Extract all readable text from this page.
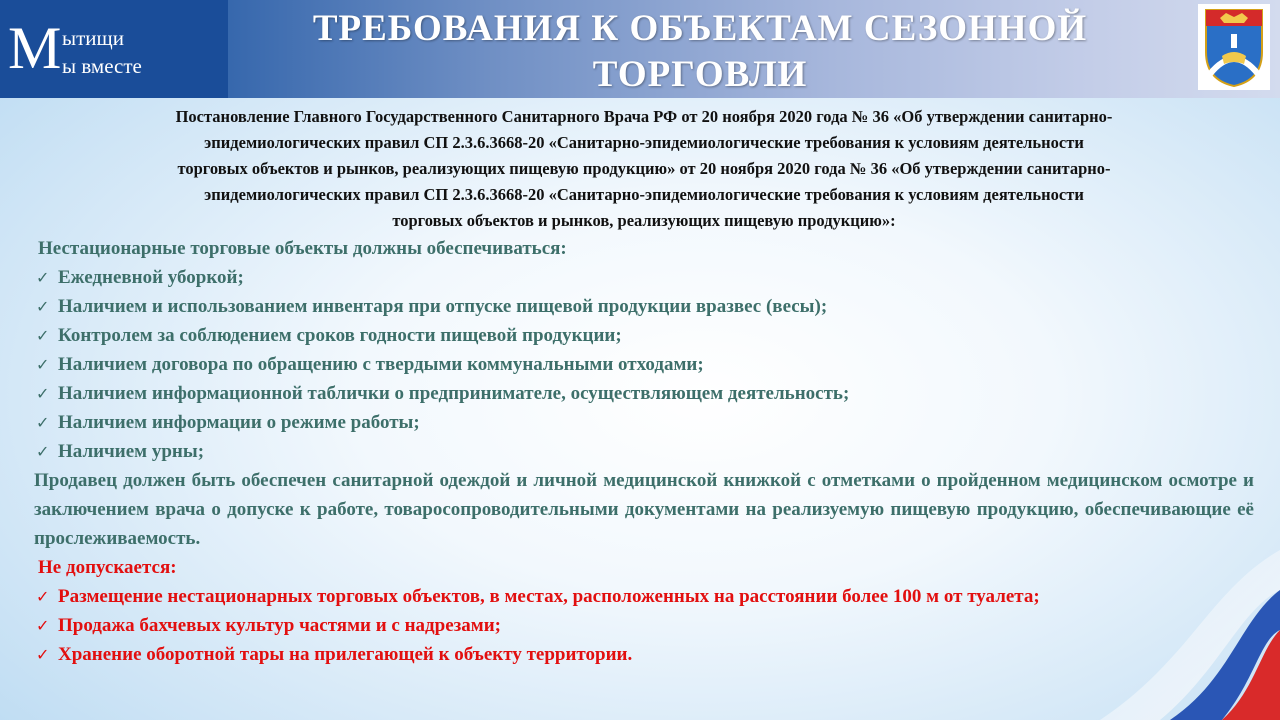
М ытищи
ы вместе
ТРЕБОВАНИЯ К ОБЪЕКТАМ СЕЗОННОЙ
ТОРГОВЛИ
Постановление Главного Государственного Санитарного Врача РФ от 20 ноября 2020 года № 36 «Об утверждении санитарно-
эпидемиологических правил СП 2.3.6.3668-20 «Санитарно-эпидемиологические требования к условиям деятельности
торговых объектов и рынков, реализующих пищевую продукцию» от 20 ноября 2020 года № 36 «Об утверждении санитарно-
эпидемиологических правил СП 2.3.6.3668-20 «Санитарно-эпидемиологические требования к условиям деятельности
торговых объектов и рынков, реализующих пищевую продукцию»:
Нестационарные торговые объекты должны обеспечиваться:
✓ Ежедневной уборкой;
✓ Наличием и использованием инвентаря при отпуске пищевой продукции вразвес (весы);
✓ Контролем за соблюдением сроков годности пищевой продукции;
✓ Наличием договора по обращению с твердыми коммунальными отходами;
✓ Наличием информационной таблички о предпринимателе, осуществляющем деятельность;
✓ Наличием информации о режиме работы;
✓ Наличием урны;
Продавец должен быть обеспечен санитарной одеждой и личной медицинской книжкой с отметками о пройденном медицинском осмотре и заключением врача о допуске к работе, товаросопроводительными документами на реализуемую пищевую продукцию, обеспечивающие её прослеживаемость.
Не допускается:
✓ Размещение нестационарных торговых объектов, в местах, расположенных на расстоянии более 100 м от туалета;
✓ Продажа бахчевых культур частями и с надрезами;
✓ Хранение оборотной тары на прилегающей к объекту территории.
